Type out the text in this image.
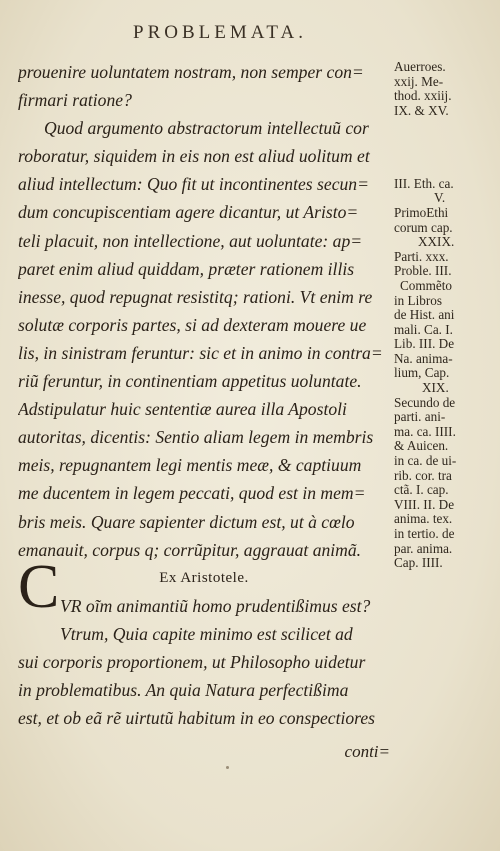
PROBLEMATA.
prouenire uoluntatem nostram, non semper con=
firmari ratione?
Quod argumento abstractorum intellectuũ cor
roboratur, siquidem in eis non est aliud uolitum et
aliud intellectum: Quo fit ut incontinentes secun=
dum concupiscentiam agere dicantur, ut Aristo=
teli placuit, non intellectione, aut uoluntate: ap=
paret enim aliud quiddam, præter rationem illis
inesse, quod repugnat resistitq; rationi. Vt enim re
solutæ corporis partes, si ad dexteram mouere ue
lis, in sinistram feruntur: sic et in animo in contra=
riũ feruntur, in continentiam appetitus uoluntate.
Adstipulatur huic sententiæ aurea illa Apostoli
autoritas, dicentis: Sentio aliam legem in membris
meis, repugnantem legi mentis meæ, & captiuum
me ducentem in legem peccati, quod est in mem=
bris meis. Quare sapienter dictum est, ut à cœlo
emanauit, corpus q; corrũpitur, aggrauat animã.
Ex Aristotele.
VR oĩm animantiũ homo prudentißimus est?
Vtrum, Quia capite minimo est scilicet ad
sui corporis proportionem, ut Philosopho uidetur
in problematibus. An quia Natura perfectißima
est, et ob eã rẽ uirtutũ habitum in eo conspectiores
C
Auerroes.
xxij. Me-
thod. xxiij.
IX. & XV.

III. Eth. ca.
V.
PrimoEthi
corum cap.
XXIX.
Parti. xxx.
Proble. III.
Commẽto
in Libros
de Hist. ani
mali. Ca. I.
Lib. III. De
Na. anima-
lium, Cap.
XIX.
Secundo de
parti. ani-
ma. ca. IIII.
& Auicen.
in ca. de ui-
rib. cor. tra
ctã. I. cap.
VIII. II. De
anima. tex.
in tertio. de
par. anima.
Cap. IIII.
conti=
